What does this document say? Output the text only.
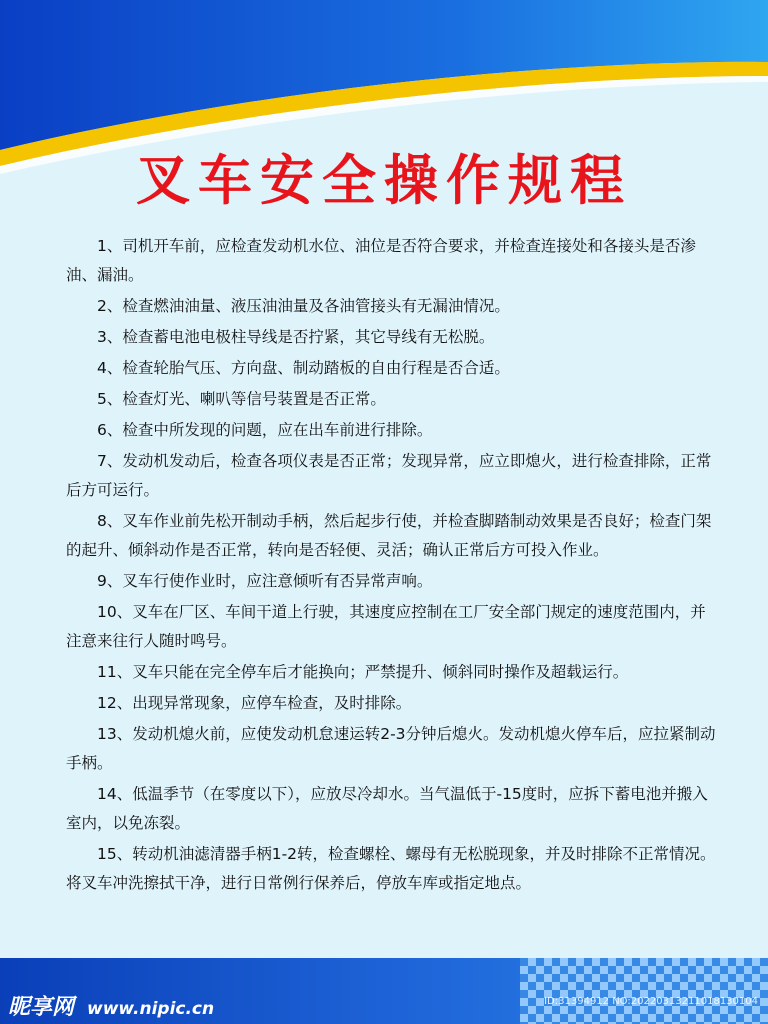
叉车安全操作规程
1、司机开车前，应检查发动机水位、油位是否符合要求，并检查连接处和各接头是否渗油、漏油。
2、检查燃油油量、液压油油量及各油管接头有无漏油情况。
3、检查蓄电池电极柱导线是否拧紧，其它导线有无松脱。
4、检查轮胎气压、方向盘、制动踏板的自由行程是否合适。
5、检查灯光、喇叭等信号装置是否正常。
6、检查中所发现的问题，应在出车前进行排除。
7、发动机发动后，检查各项仪表是否正常；发现异常，应立即熄火，进行检查排除，正常后方可运行。
8、叉车作业前先松开制动手柄，然后起步行使，并检查脚踏制动效果是否良好；检查门架的起升、倾斜动作是否正常，转向是否轻便、灵活；确认正常后方可投入作业。
9、叉车行使作业时，应注意倾听有否异常声响。
10、叉车在厂区、车间干道上行驶，其速度应控制在工厂安全部门规定的速度范围内，并注意来往行人随时鸣号。
11、叉车只能在完全停车后才能换向；严禁提升、倾斜同时操作及超载运行。
12、出现异常现象，应停车检查，及时排除。
13、发动机熄火前，应使发动机怠速运转2-3分钟后熄火。发动机熄火停车后，应拉紧制动手柄。
14、低温季节（在零度以下），应放尽冷却水。当气温低于-15度时，应拆下蓄电池并搬入室内，以免冻裂。
15、转动机油滤清器手柄1-2转，检查螺栓、螺母有无松脱现象，并及时排除不正常情况。将叉车冲洗擦拭干净，进行日常例行保养后，停放车库或指定地点。
昵享网 www.nipic.cn	ID:31394912 NO:20220313211018130104
